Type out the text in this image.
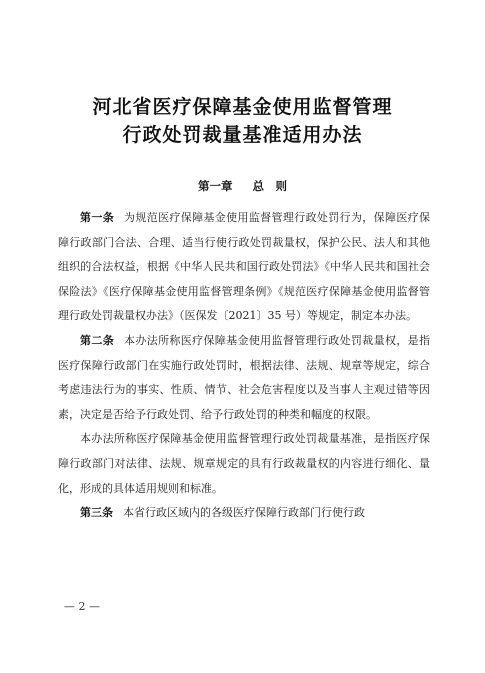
河北省医疗保障基金使用监督管理
行政处罚裁量基准适用办法
第一章 总　则

第一条 为规范医疗保障基金使用监督管理行政处罚行为，保障医疗保障行政部门合法、合理、适当行使行政处罚裁量权，保护公民、法人和其他组织的合法权益，根据《中华人民共和国行政处罚法》《中华人民共和国社会保险法》《医疗保障基金使用监督管理条例》《规范医疗保障基金使用监督管理行政处罚裁量权办法》（医保发〔2021〕35 号）等规定，制定本办法。

第二条 本办法所称医疗保障基金使用监督管理行政处罚裁量权，是指医疗保障行政部门在实施行政处罚时，根据法律、法规、规章等规定，综合考虑违法行为的事实、性质、情节、社会危害程度以及当事人主观过错等因素，决定是否给予行政处罚、给予行政处罚的种类和幅度的权限。

本办法所称医疗保障基金使用监督管理行政处罚裁量基准，是指医疗保障行政部门对法律、法规、规章规定的具有行政裁量权的内容进行细化、量化，形成的具体适用规则和标准。

第三条 本省行政区域内的各级医疗保障行政部门行使行政

— 2 —
